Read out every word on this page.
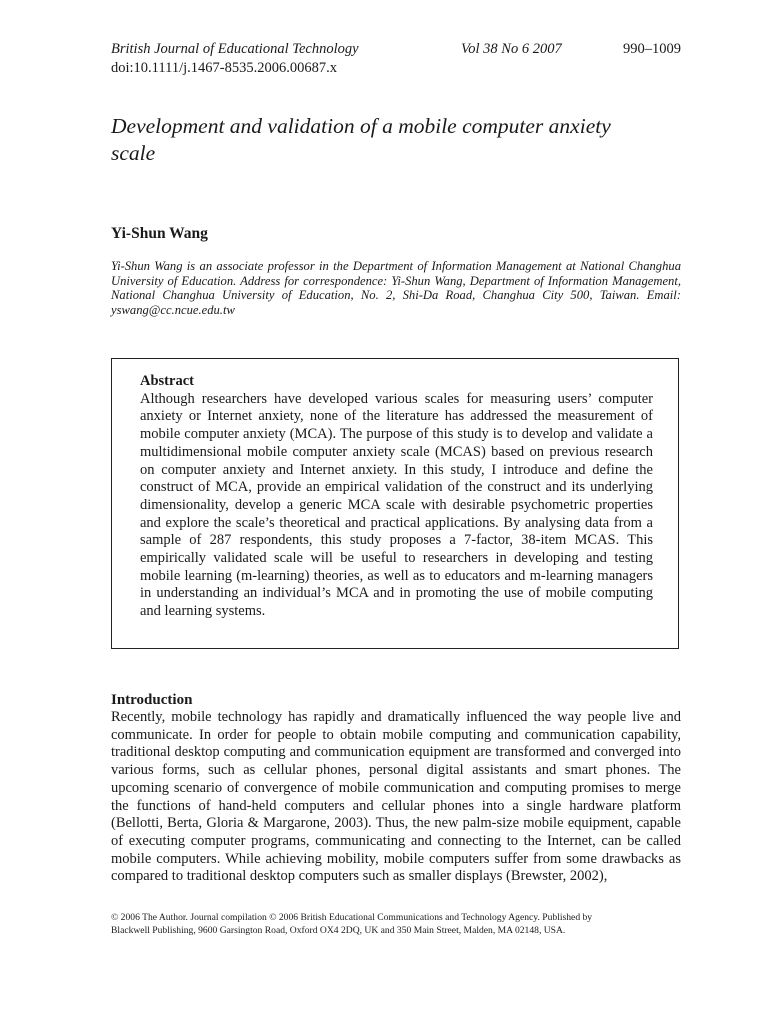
British Journal of Educational Technology	Vol 38 No 6 2007	990–1009
doi:10.1111/j.1467-8535.2006.00687.x
Development and validation of a mobile computer anxiety scale
Yi-Shun Wang
Yi-Shun Wang is an associate professor in the Department of Information Management at National Changhua University of Education. Address for correspondence: Yi-Shun Wang, Department of Information Management, National Changhua University of Education, No. 2, Shi-Da Road, Changhua City 500, Taiwan. Email: yswang@cc.ncue.edu.tw
Abstract
Although researchers have developed various scales for measuring users’ computer anxiety or Internet anxiety, none of the literature has addressed the measurement of mobile computer anxiety (MCA). The purpose of this study is to develop and validate a multidimensional mobile computer anxiety scale (MCAS) based on previous research on computer anxiety and Internet anxiety. In this study, I introduce and define the construct of MCA, provide an empirical validation of the construct and its underlying dimensionality, develop a generic MCA scale with desirable psychometric properties and explore the scale’s theoretical and practical applications. By analysing data from a sample of 287 respondents, this study proposes a 7-factor, 38-item MCAS. This empirically validated scale will be useful to researchers in developing and testing mobile learning (m-learning) theories, as well as to educators and m-learning managers in understanding an individual’s MCA and in promoting the use of mobile computing and learning systems.
Introduction
Recently, mobile technology has rapidly and dramatically influenced the way people live and communicate. In order for people to obtain mobile computing and communication capability, traditional desktop computing and communication equipment are transformed and converged into various forms, such as cellular phones, personal digital assistants and smart phones. The upcoming scenario of convergence of mobile communication and computing promises to merge the functions of hand-held computers and cellular phones into a single hardware platform (Bellotti, Berta, Gloria & Margarone, 2003). Thus, the new palm-size mobile equipment, capable of executing computer programs, communicating and connecting to the Internet, can be called mobile computers. While achieving mobility, mobile computers suffer from some drawbacks as compared to traditional desktop computers such as smaller displays (Brewster, 2002),
© 2006 The Author. Journal compilation © 2006 British Educational Communications and Technology Agency. Published by
Blackwell Publishing, 9600 Garsington Road, Oxford OX4 2DQ, UK and 350 Main Street, Malden, MA 02148, USA.
